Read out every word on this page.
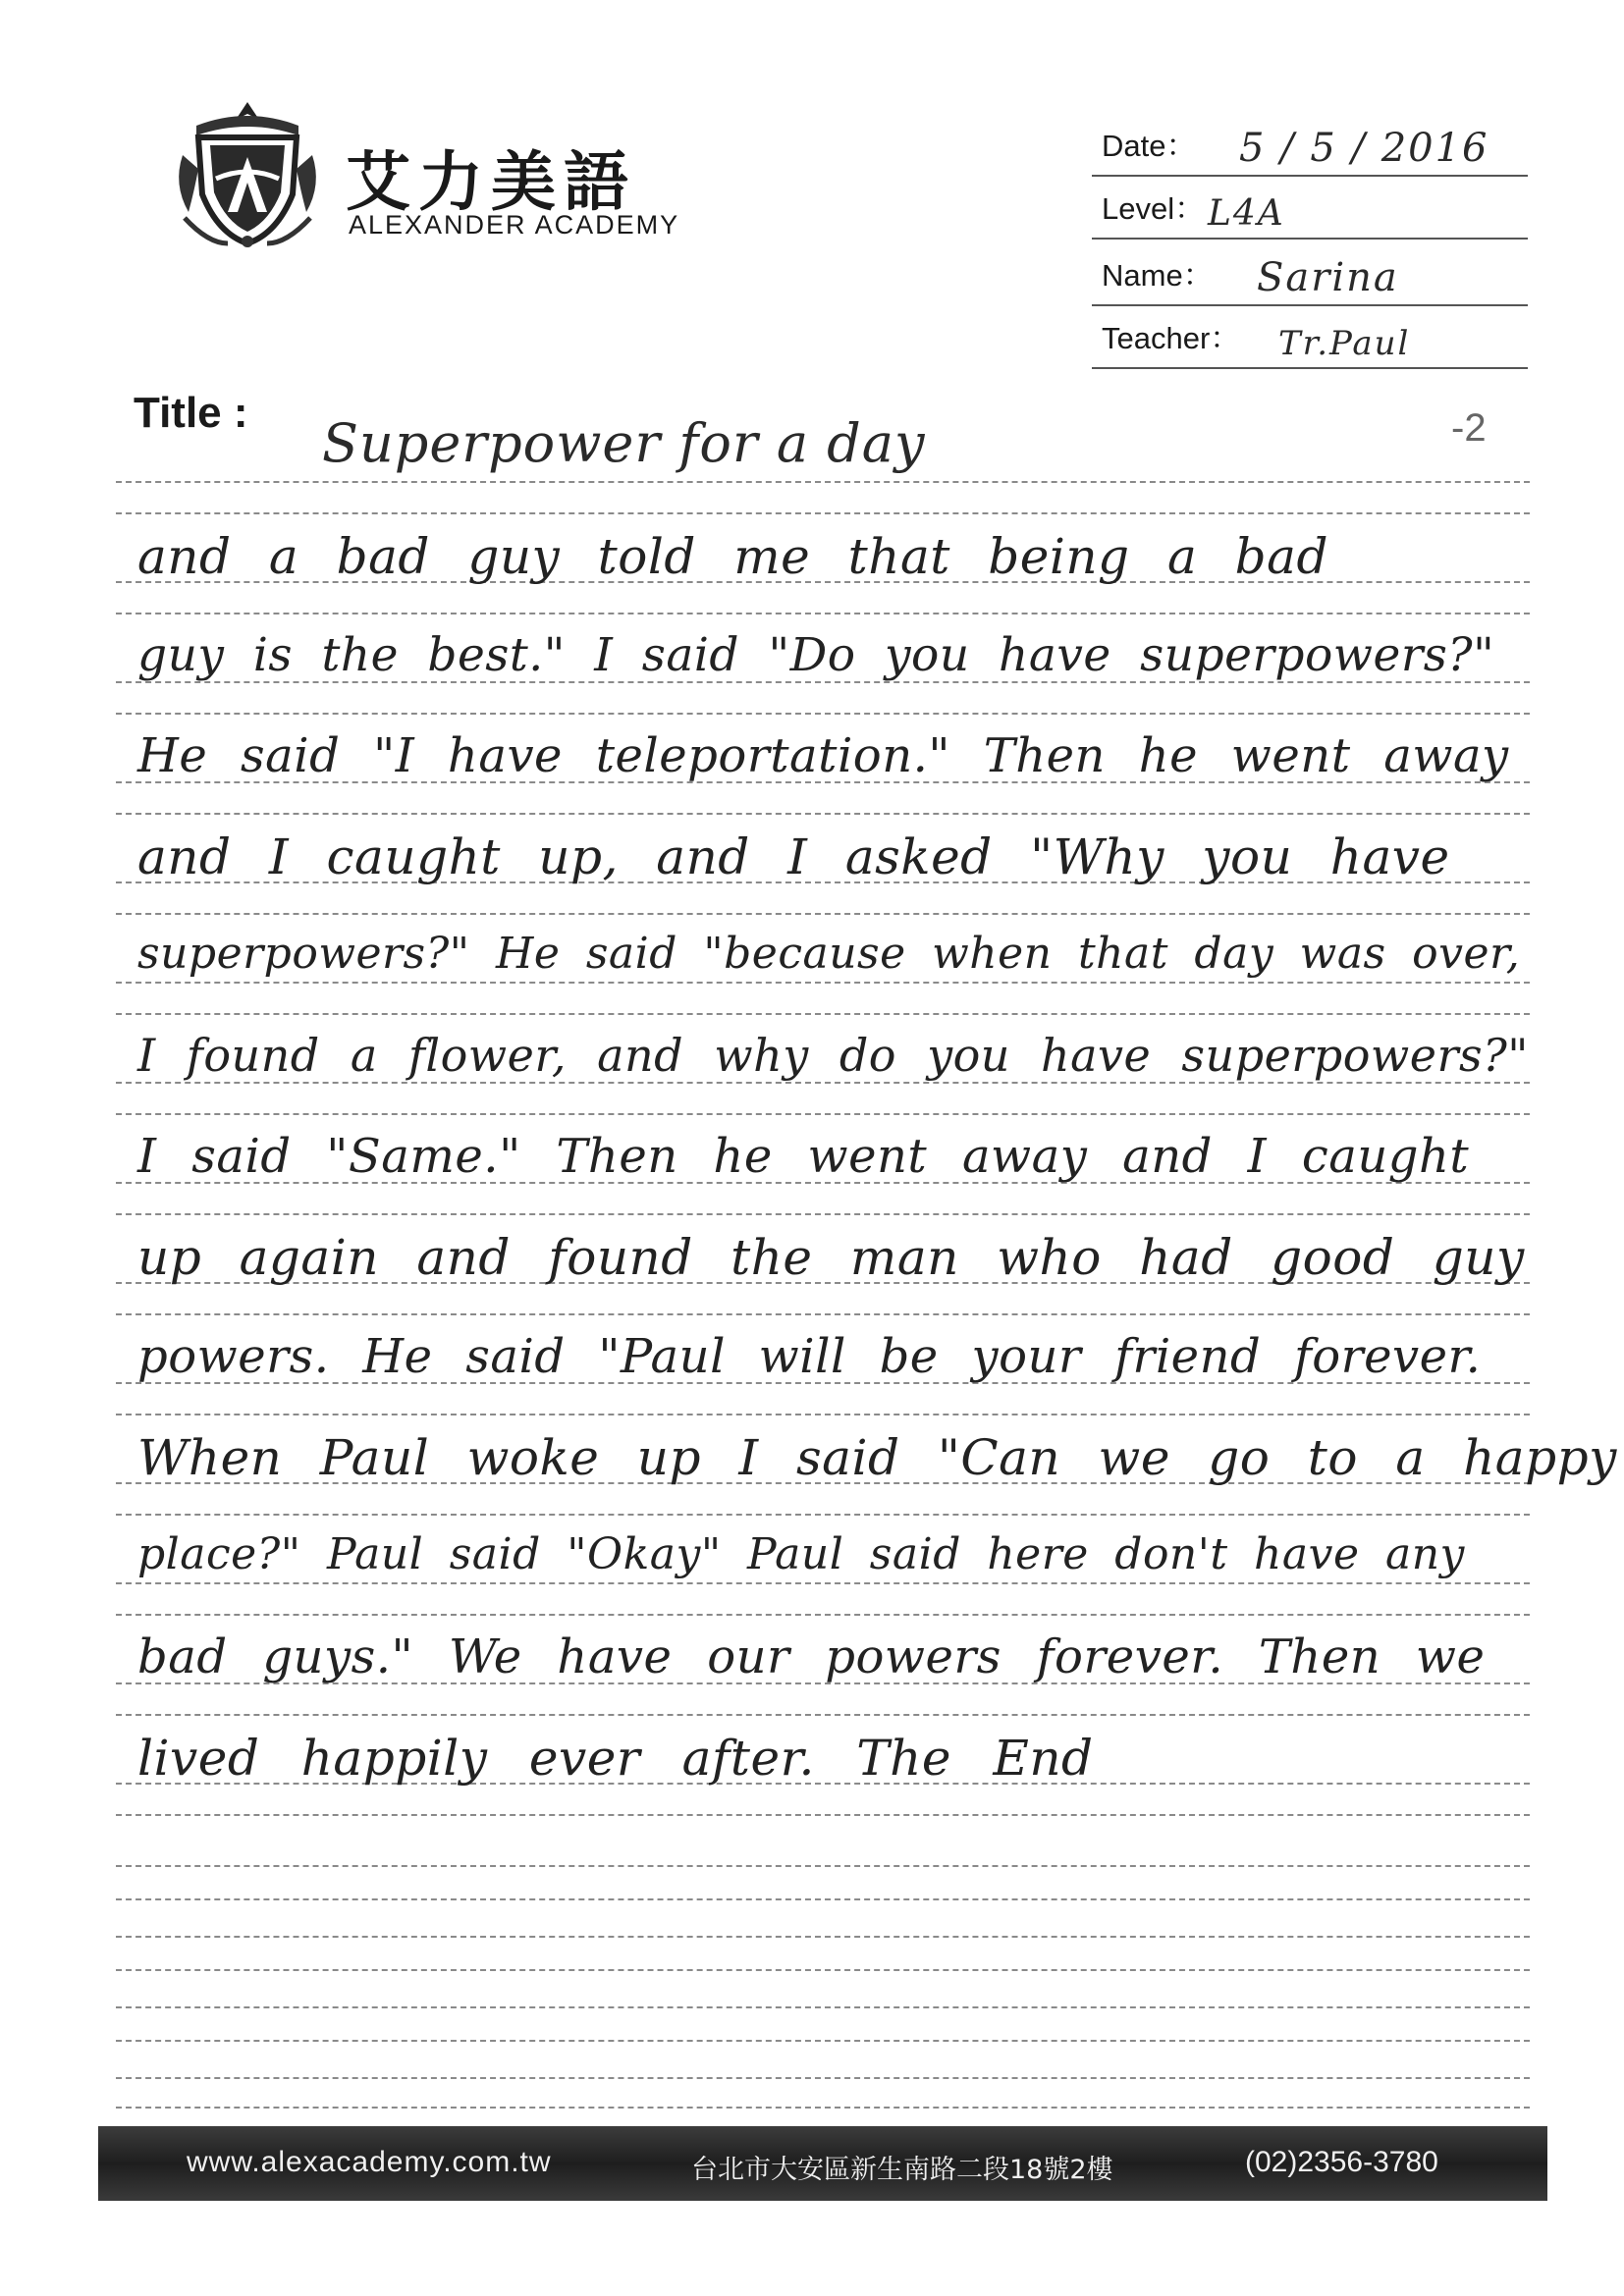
艾力美語
ALEXANDER ACADEMY
Date： 5 / 5 / 2016
Level： L4A
Name： Sarina
Teacher： Tr.Paul
Title : Superpower for a day	-2
and a bad guy told me that being a bad
guy is the best." I said "Do you have superpowers?"
He said "I have teleportation." Then he went away
and I caught up, and I asked "Why you have
superpowers?" He said "because when that day was over,
I found a flower, and why do you have superpowers?"
I said "Same." Then he went away and I caught
up again and found the man who had good guy
powers. He said "Paul will be your friend forever.
When Paul woke up I said "Can we go to a happy
place?" Paul said "Okay" Paul said here don't have any
bad guys." We have our powers forever. Then we
lived happily ever after. The End
www.alexacademy.com.tw	台北市大安區新生南路二段18號2樓	(02)2356-3780
